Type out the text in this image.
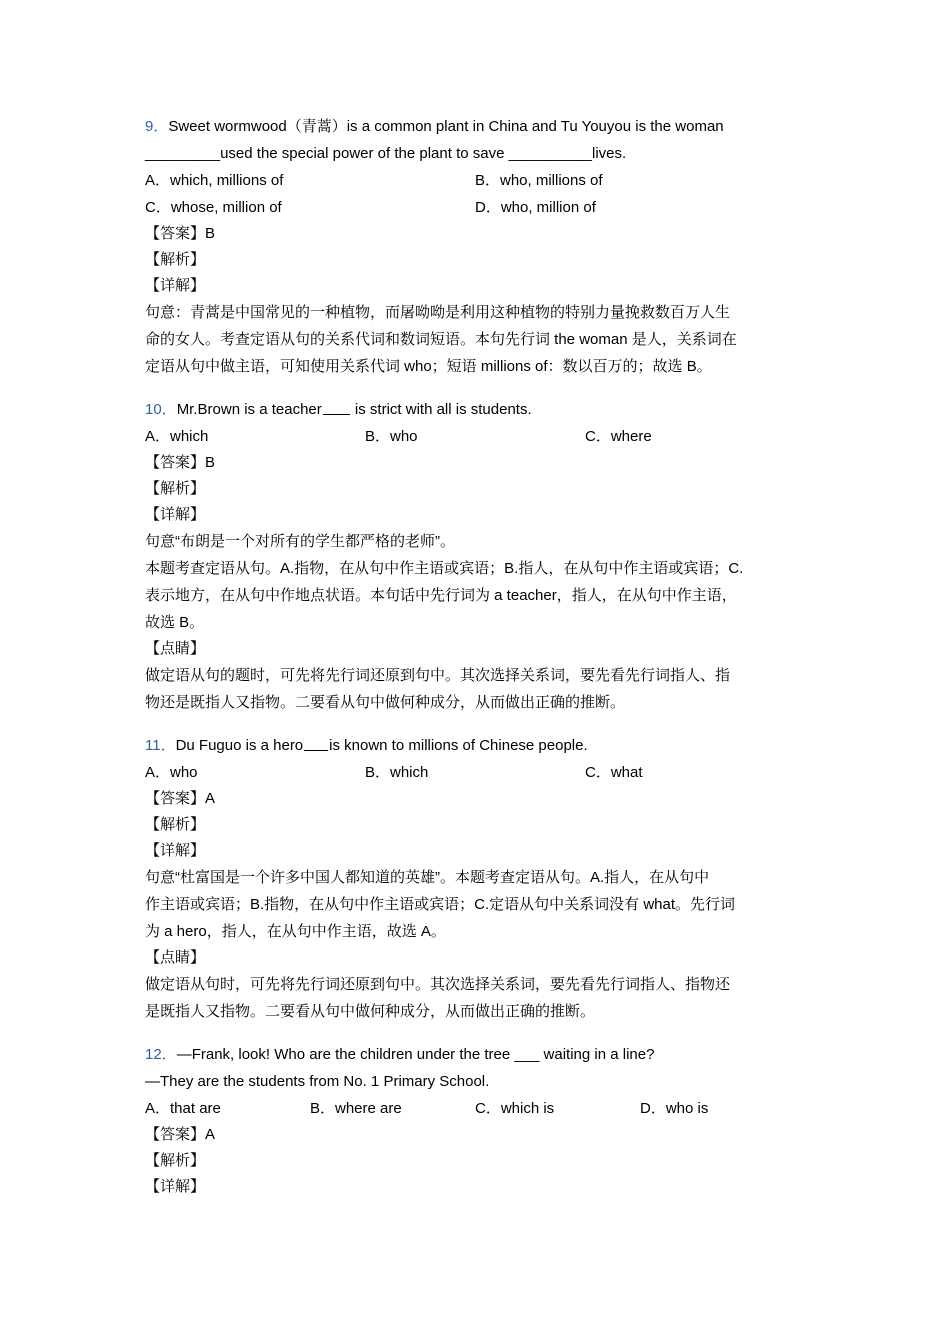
9．Sweet wormwood（青蒿）is a common plant in China and Tu Youyou is the woman
_________used the special power of the plant to save __________lives.
A．which, millions of	B．who, millions of
C．whose, million of	D．who, million of
【答案】B
【解析】
【详解】
句意：青蒿是中国常见的一种植物，而屠呦呦是利用这种植物的特别力量挽救数百万人生
命的女人。考查定语从句的关系代词和数词短语。本句先行词 the woman 是人，关系词在
定语从句中做主语，可知使用关系代词 who；短语 millions of：数以百万的；故选 B。
10．Mr.Brown is a teacher is strict with all is students.
A．which	B．who	C．where
【答案】B
【解析】
【详解】
句意“布朗是一个对所有的学生都严格的老师”。
本题考查定语从句。A.指物，在从句中作主语或宾语；B.指人，在从句中作主语或宾语；C.
表示地方，在从句中作地点状语。本句话中先行词为 a teacher，指人，在从句中作主语，
故选 B。
【点睛】
做定语从句的题时，可先将先行词还原到句中。其次选择关系词，要先看先行词指人、指
物还是既指人又指物。二要看从句中做何种成分，从而做出正确的推断。
11．Du Fuguo is a hero is known to millions of Chinese people.
A．who	B．which	C．what
【答案】A
【解析】
【详解】
句意“杜富国是一个许多中国人都知道的英雄”。本题考查定语从句。A.指人，在从句中
作主语或宾语；B.指物，在从句中作主语或宾语；C.定语从句中关系词没有 what。先行词
为 a hero，指人，在从句中作主语，故选 A。
【点睛】
做定语从句时，可先将先行词还原到句中。其次选择关系词，要先看先行词指人、指物还
是既指人又指物。二要看从句中做何种成分，从而做出正确的推断。
12．—Frank, look! Who are the children under the tree ___ waiting in a line?
—They are the students from No. 1 Primary School.
A．that are	B．where are	C．which is	D．who is
【答案】A
【解析】
【详解】
